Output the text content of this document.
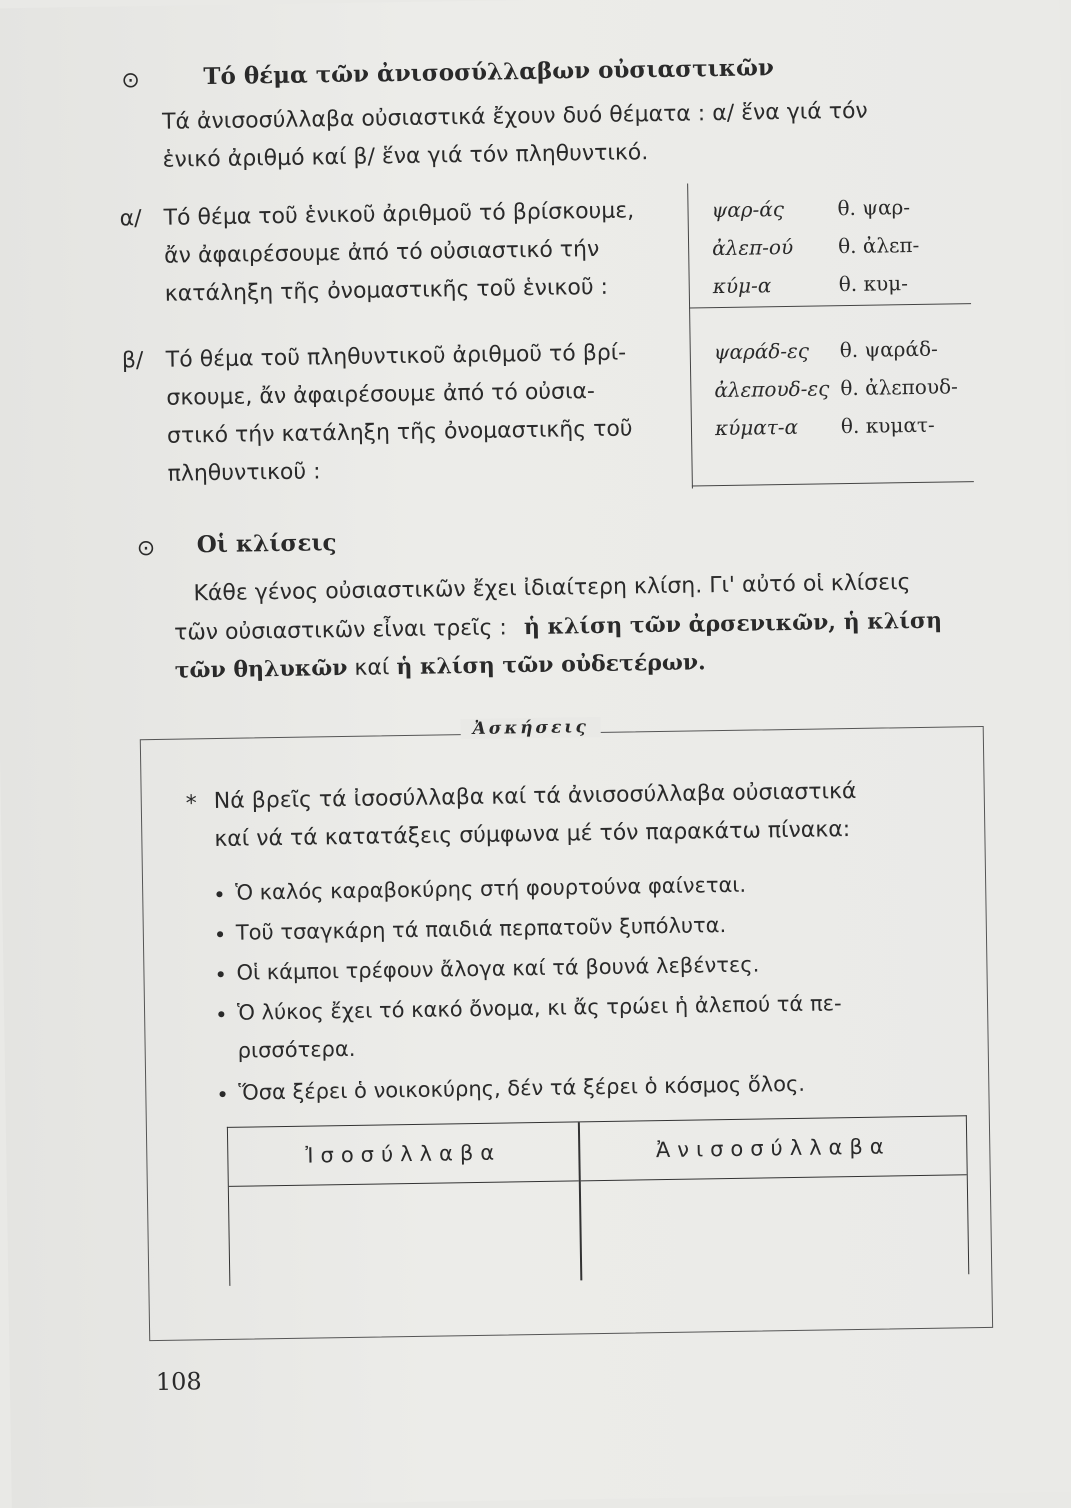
⊙	Τό θέμα τῶν ἀνισοσύλλαβων οὐσιαστικῶν
Τά ἀνισοσύλλαβα οὐσιαστικά ἔχουν δυό θέματα : α/ ἕνα γιά τόν
ἑνικό ἀριθμό καί β/ ἕνα γιά τόν πληθυντικό.
α/ Τό θέμα τοῦ ἑνικοῦ ἀριθμοῦ τό βρίσκουμε,
ἄν ἀφαιρέσουμε ἀπό τό οὐσιαστικό τήν
κατάληξη τῆς ὀνομαστικῆς τοῦ ἑνικοῦ :
ψαρ-άς
ἀλεπ-ού
κύμ-α
θ. ψαρ-
θ. ἀλεπ-
θ. κυμ-
β/ Τό θέμα τοῦ πληθυντικοῦ ἀριθμοῦ τό βρί-
σκουμε, ἄν ἀφαιρέσουμε ἀπό τό οὐσια-
στικό τήν κατάληξη τῆς ὀνομαστικῆς τοῦ
πληθυντικοῦ :
ψαράδ-ες
ἀλεπουδ-ες
κύματ-α
θ. ψαράδ-
θ. ἀλεπουδ-
θ. κυματ-
⊙ Οἱ κλίσεις
Κάθε γένος οὐσιαστικῶν ἔχει ἰδιαίτερη κλίση. Γι' αὐτό οἱ κλίσεις
τῶν οὐσιαστικῶν εἶναι τρεῖς : ἡ κλίση τῶν ἀρσενικῶν, ἡ κλίση
τῶν θηλυκῶν καί ἡ κλίση τῶν οὐδετέρων.
Ἀσκήσεις
* Νά βρεῖς τά ἰσοσύλλαβα καί τά ἀνισοσύλλαβα οὐσιαστικά
καί νά τά κατατάξεις σύμφωνα μέ τόν παρακάτω πίνακα:
• Ὁ καλός καραβοκύρης στή φουρτούνα φαίνεται.
• Τοῦ τσαγκάρη τά παιδιά περπατοῦν ξυπόλυτα.
• Οἱ κάμποι τρέφουν ἄλογα καί τά βουνά λεβέντες.
• Ὁ λύκος ἔχει τό κακό ὄνομα, κι ἄς τρώει ἡ ἀλεπού τά πε-
ρισσότερα.
• Ὅσα ξέρει ὁ νοικοκύρης, δέν τά ξέρει ὁ κόσμος ὅλος.
Ἰσοσύλλαβα	Ἀνισοσύλλαβα
108
